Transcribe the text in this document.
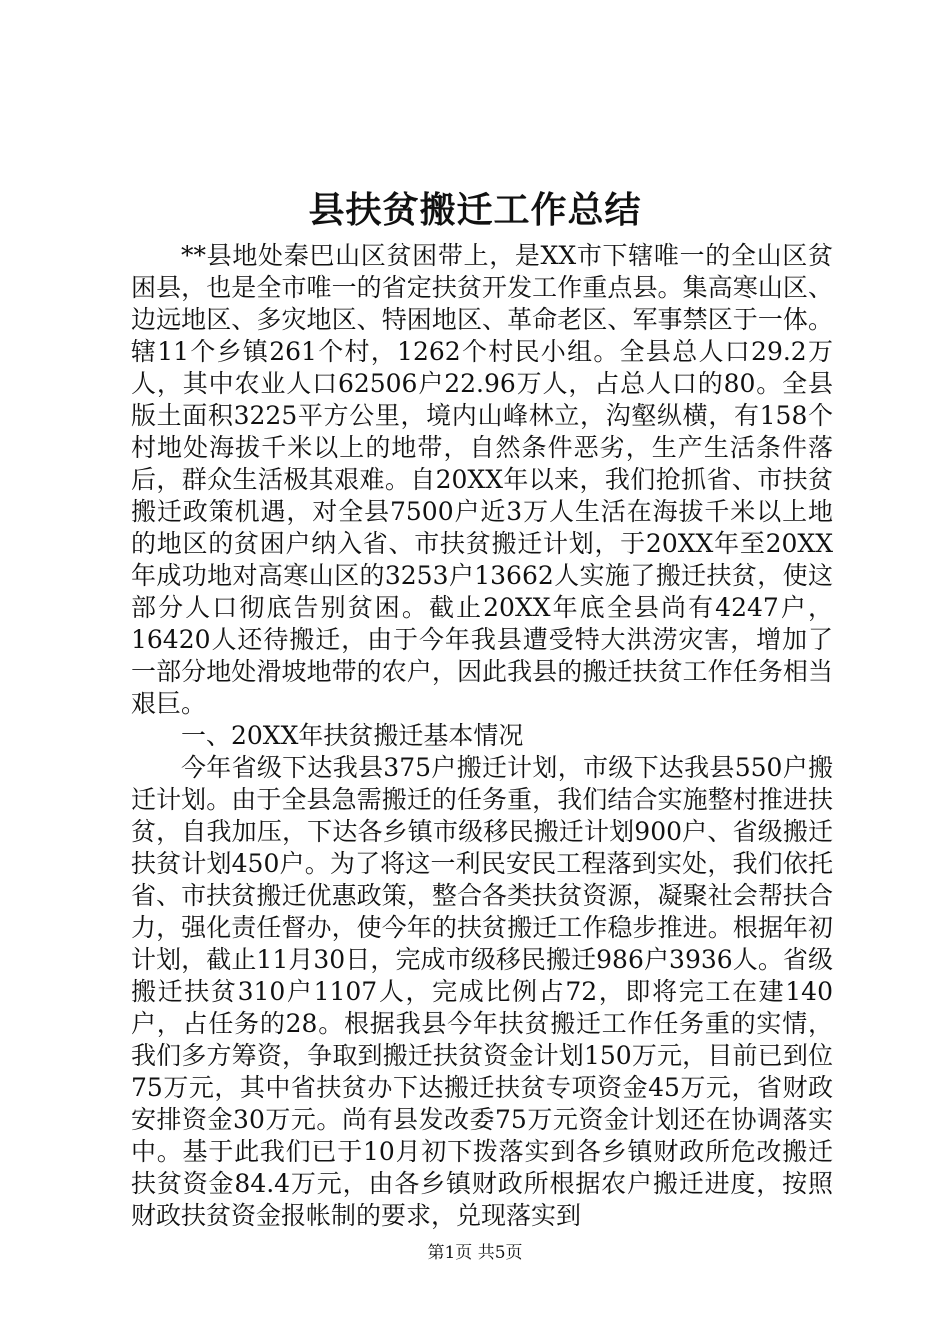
县扶贫搬迁工作总结

**县地处秦巴山区贫困带上，是XX市下辖唯一的全山区贫困县，也是全市唯一的省定扶贫开发工作重点县。集高寒山区、边远地区、多灾地区、特困地区、革命老区、军事禁区于一体。辖11个乡镇261个村，1262个村民小组。全县总人口29.2万人，其中农业人口62506户22.96万人，占总人口的80。全县版土面积3225平方公里，境内山峰林立，沟壑纵横，有158个村地处海拔千米以上的地带，自然条件恶劣，生产生活条件落后，群众生活极其艰难。自20XX年以来，我们抢抓省、市扶贫搬迁政策机遇，对全县7500户近3万人生活在海拔千米以上地的地区的贫困户纳入省、市扶贫搬迁计划，于20XX年至20XX年成功地对高寒山区的3253户13662人实施了搬迁扶贫，使这部分人口彻底告别贫困。截止20XX年底全县尚有4247户，16420人还待搬迁，由于今年我县遭受特大洪涝灾害，增加了一部分地处滑坡地带的农户，因此我县的搬迁扶贫工作任务相当艰巨。

一、20XX年扶贫搬迁基本情况

今年省级下达我县375户搬迁计划，市级下达我县550户搬迁计划。由于全县急需搬迁的任务重，我们结合实施整村推进扶贫，自我加压，下达各乡镇市级移民搬迁计划900户、省级搬迁扶贫计划450户。为了将这一利民安民工程落到实处，我们依托省、市扶贫搬迁优惠政策，整合各类扶贫资源，凝聚社会帮扶合力，强化责任督办，使今年的扶贫搬迁工作稳步推进。根据年初计划，截止11月30日，完成市级移民搬迁986户3936人。省级搬迁扶贫310户1107人，完成比例占72，即将完工在建140户，占任务的28。根据我县今年扶贫搬迁工作任务重的实情，我们多方筹资，争取到搬迁扶贫资金计划150万元，目前已到位75万元，其中省扶贫办下达搬迁扶贫专项资金45万元，省财政安排资金30万元。尚有县发改委75万元资金计划还在协调落实中。基于此我们已于10月初下拨落实到各乡镇财政所危改搬迁扶贫资金84.4万元，由各乡镇财政所根据农户搬迁进度，按照财政扶贫资金报帐制的要求，兑现落实到

第1页 共5页
